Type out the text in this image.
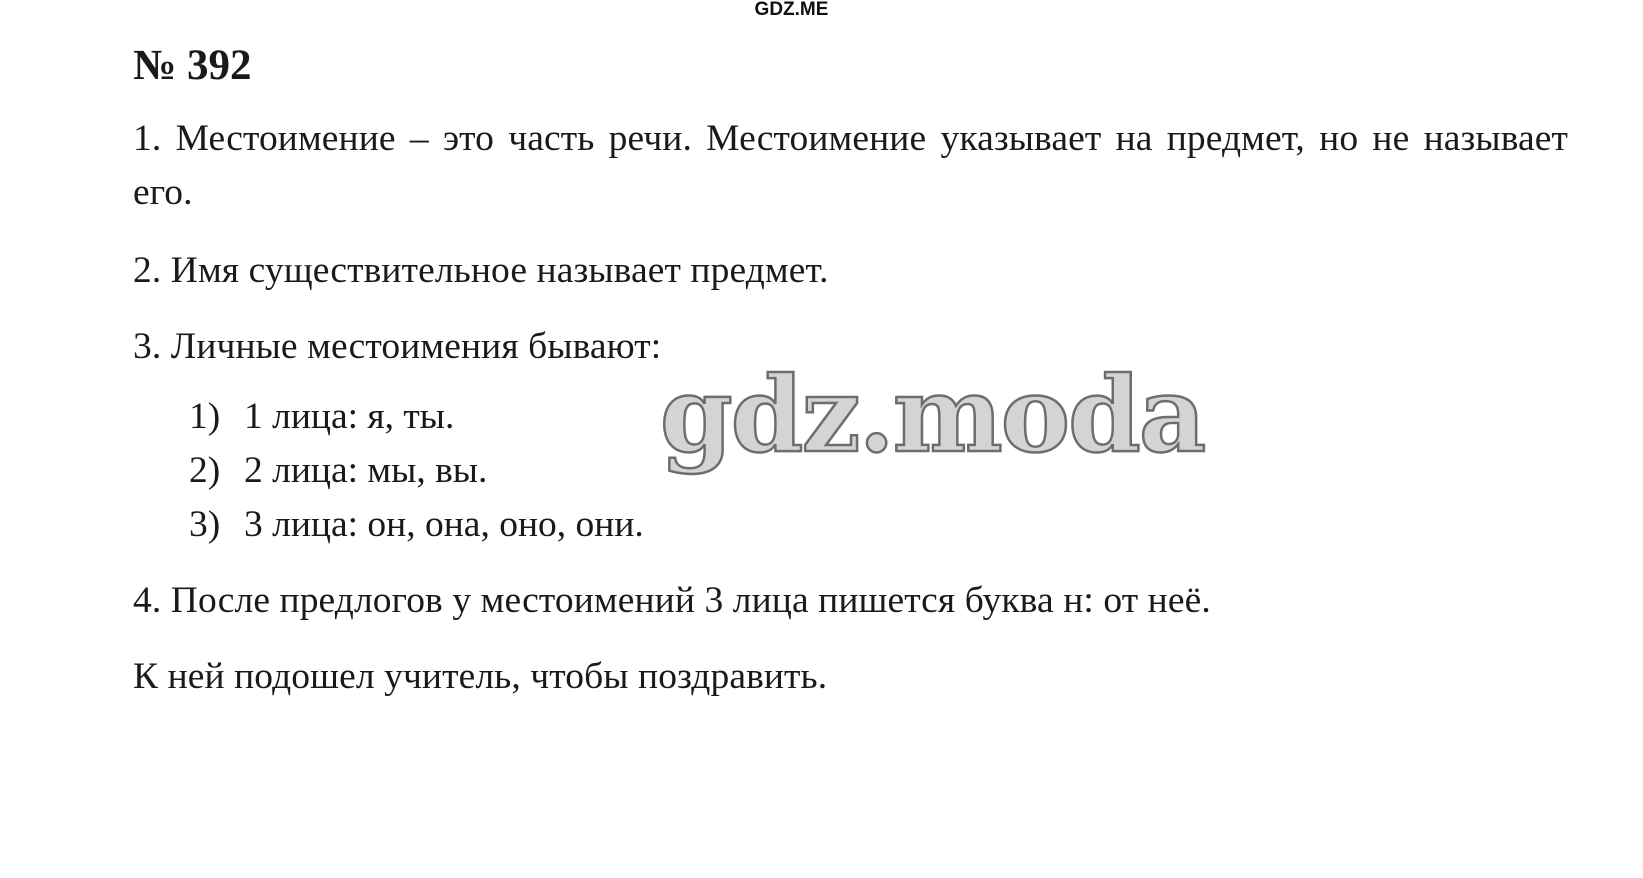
GDZ.ME
№ 392

1. Местоимение – это часть речи. Местоимение указывает на предмет, но не называет его.

2. Имя существительное называет предмет.

3. Личные местоимения бывают:

1) 1 лица: я, ты.
2) 2 лица: мы, вы.
3) 3 лица: он, она, оно, они.

4. После предлогов у местоимений 3 лица пишется буква н: от неё.

К ней подошел учитель, чтобы поздравить.

gdz.moda
